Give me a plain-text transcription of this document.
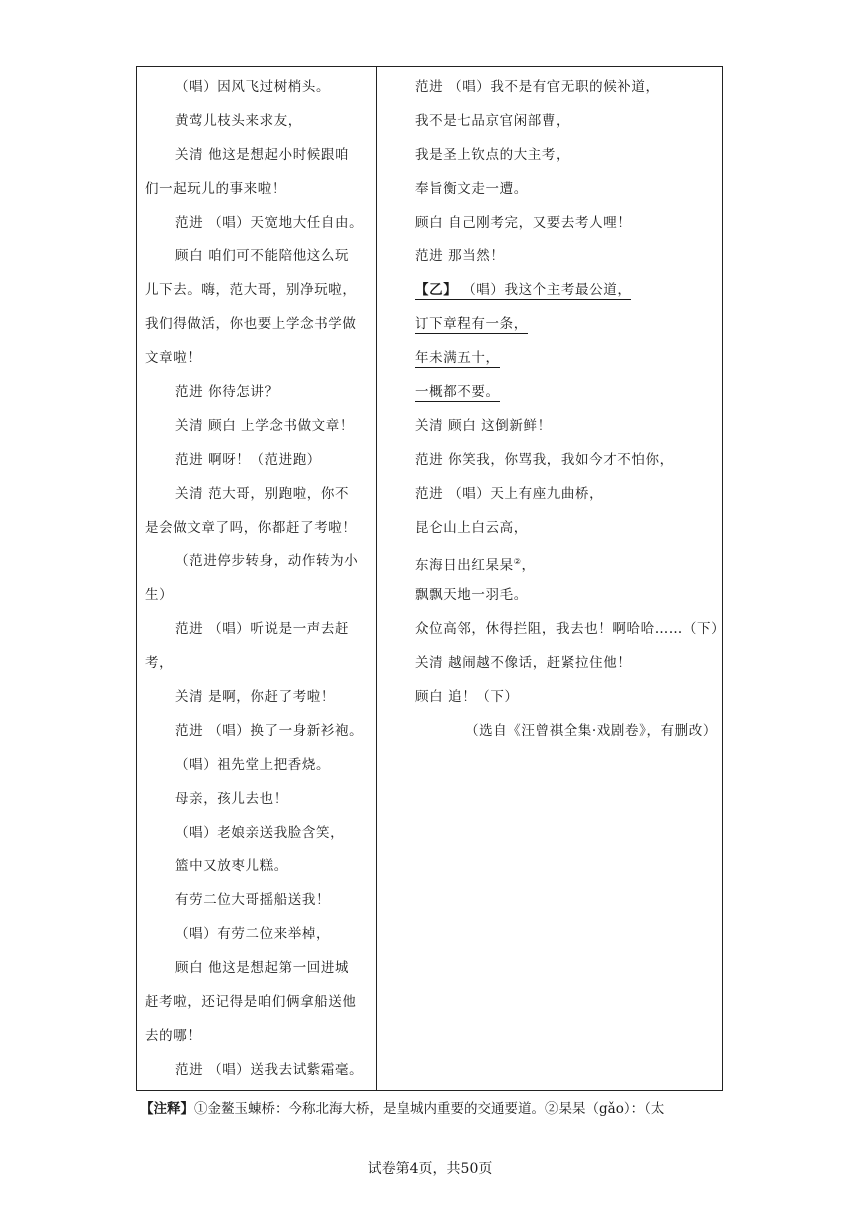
（唱）因风飞过树梢头。
黄莺儿枝头来求友，
关清 他这是想起小时候跟咱
们一起玩儿的事来啦！
范进 （唱）天宽地大任自由。
顾白 咱们可不能陪他这么玩
儿下去。嗨，范大哥，别净玩啦，
我们得做活，你也要上学念书学做
文章啦！
范进 你待怎讲？
关清 顾白 上学念书做文章！
范进 啊呀！（范进跑）
关清 范大哥，别跑啦，你不
是会做文章了吗，你都赶了考啦！
（范进停步转身，动作转为小
生）
范进 （唱）听说是一声去赶
考，
关清 是啊，你赶了考啦！
范进 （唱）换了一身新衫袍。
（唱）祖先堂上把香烧。
母亲，孩儿去也！
（唱）老娘亲送我脸含笑，
篮中又放枣儿糕。
有劳二位大哥摇船送我！
（唱）有劳二位来举棹，
顾白 他这是想起第一回进城
赶考啦，还记得是咱们俩拿船送他
去的哪！
范进 （唱）送我去试紫霜毫。
范进 （唱）我不是有官无职的候补道，
我不是七品京官闲部曹，
我是圣上钦点的大主考，
奉旨衡文走一遭。
顾白 自己刚考完，又要去考人哩！
范进 那当然！
【乙】 （唱）我这个主考最公道，
订下章程有一条，
年未满五十，
一概都不要。
关清 顾白 这倒新鲜！
范进 你笑我，你骂我，我如今才不怕你，
范进 （唱）天上有座九曲桥，
昆仑山上白云高，
东海日出红杲杲②，
飘飘天地一羽毛。
众位高邻，休得拦阻，我去也！啊哈哈……（下）
关清 越闹越不像话，赶紧拉住他！
顾白 追！（下）
（选自《汪曾祺全集·戏剧卷》，有删改）
【注释】①金鳌玉蝀桥：今称北海大桥，是皇城内重要的交通要道。②杲杲（gǎo）：（太
试卷第4页，共50页
